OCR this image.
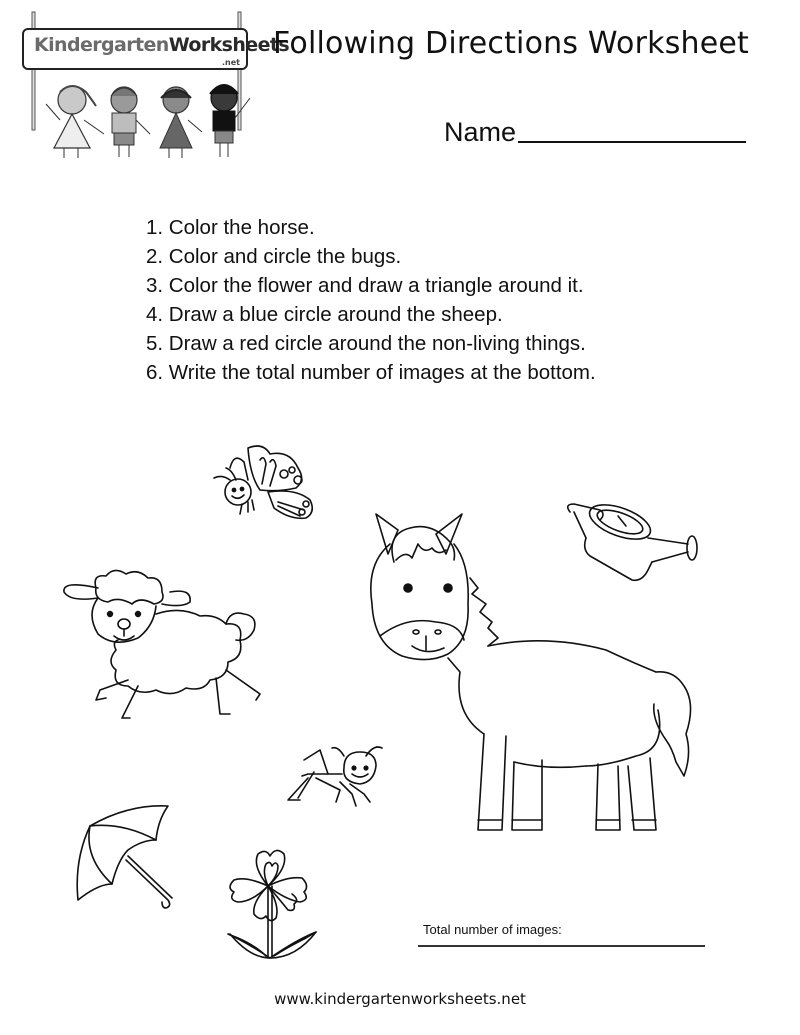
KindergartenWorksheets
.net
Following Directions Worksheet
Name
1. Color the horse.
2. Color and circle the bugs.
3. Color the flower and draw a triangle around it.
4. Draw a blue circle around the sheep.
5. Draw a red circle around the non-living things.
6. Write the total number of images at the bottom.
Total number of images:
www.kindergartenworksheets.net
